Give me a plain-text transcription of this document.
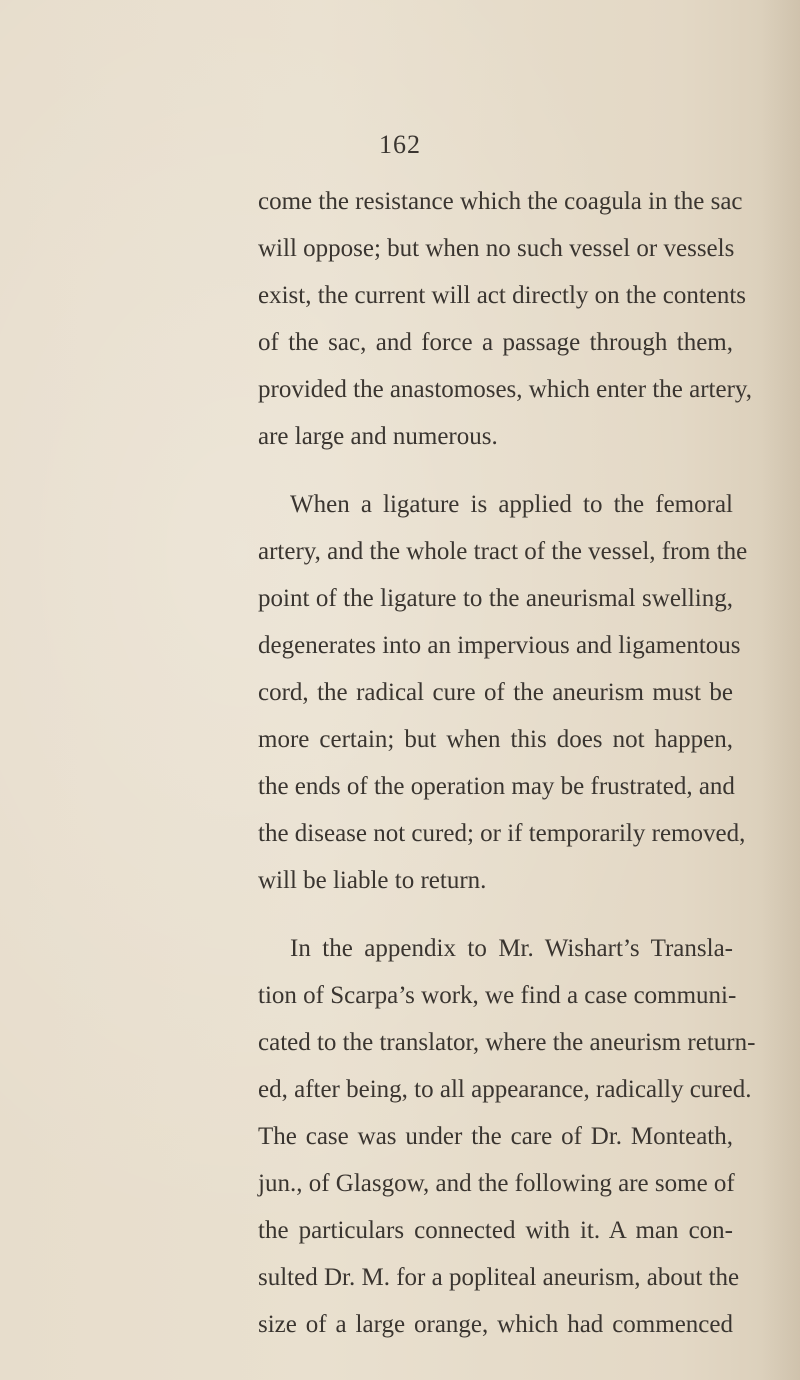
162
come the resistance which the coagula in the sac
will oppose; but when no such vessel or vessels
exist, the current will act directly on the contents
of the sac, and force a passage through them,
provided the anastomoses, which enter the artery,
are large and numerous.
When a ligature is applied to the femoral
artery, and the whole tract of the vessel, from the
point of the ligature to the aneurismal swelling,
degenerates into an impervious and ligamentous
cord, the radical cure of the aneurism must be
more certain; but when this does not happen,
the ends of the operation may be frustrated, and
the disease not cured; or if temporarily removed,
will be liable to return.
In the appendix to Mr. Wishart’s Transla-
tion of Scarpa’s work, we find a case communi-
cated to the translator, where the aneurism return-
ed, after being, to all appearance, radically cured.
The case was under the care of Dr. Monteath,
jun., of Glasgow, and the following are some of
the particulars connected with it. A man con-
sulted Dr. M. for a popliteal aneurism, about the
size of a large orange, which had commenced
